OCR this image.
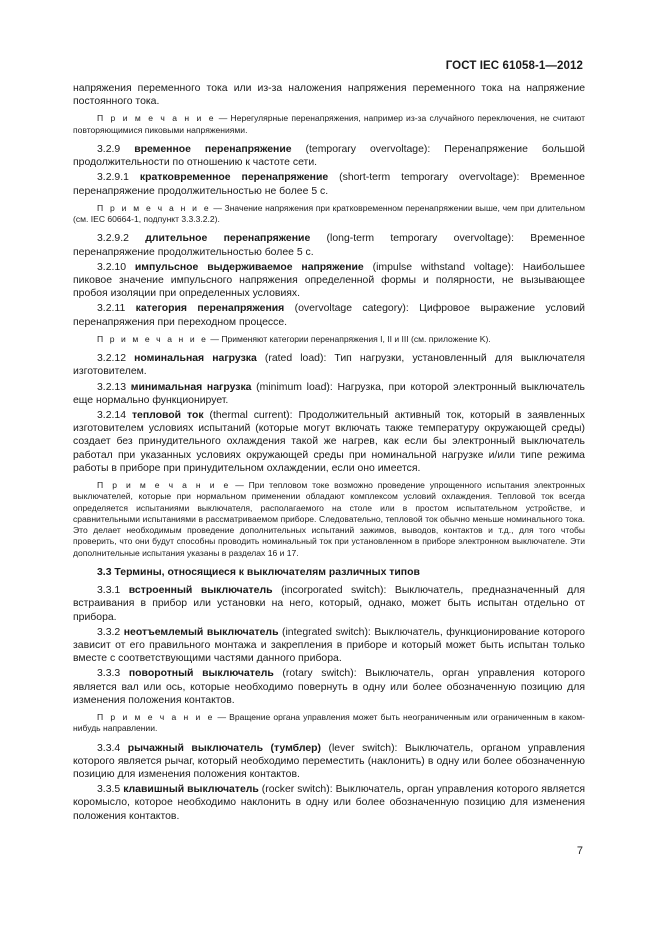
ГОСТ IEC 61058-1—2012

напряжения переменного тока или из-за наложения напряжения переменного тока на напряжение постоянного тока.

П р и м е ч а н и е — Нерегулярные перенапряжения, например из-за случайного переключения, не считают повторяющимися пиковыми напряжениями.

3.2.9 временное перенапряжение (temporary overvoltage): Перенапряжение большой продолжительности по отношению к частоте сети.

3.2.9.1 кратковременное перенапряжение (short-term temporary overvoltage): Временное перенапряжение продолжительностью не более 5 с.

П р и м е ч а н и е — Значение напряжения при кратковременном перенапряжении выше, чем при длительном (см. IEC 60664-1, подпункт 3.3.3.2.2).

3.2.9.2 длительное перенапряжение (long-term temporary overvoltage): Временное перенапряжение продолжительностью более 5 с.

3.2.10 импульсное выдерживаемое напряжение (impulse withstand voltage): Наибольшее пиковое значение импульсного напряжения определенной формы и полярности, не вызывающее пробоя изоляции при определенных условиях.

3.2.11 категория перенапряжения (overvoltage category): Цифровое выражение условий перенапряжения при переходном процессе.

П р и м е ч а н и е — Применяют категории перенапряжения I, II и III (см. приложение K).

3.2.12 номинальная нагрузка (rated load): Тип нагрузки, установленный для выключателя изготовителем.

3.2.13 минимальная нагрузка (minimum load): Нагрузка, при которой электронный выключатель еще нормально функционирует.

3.2.14 тепловой ток (thermal current): Продолжительный активный ток, который в заявленных изготовителем условиях испытаний (которые могут включать также температуру окружающей среды) создает без принудительного охлаждения такой же нагрев, как если бы электронный выключатель работал при указанных условиях окружающей среды при номинальной нагрузке и/или типе режима работы в приборе при принудительном охлаждении, если оно имеется.

П р и м е ч а н и е — При тепловом токе возможно проведение упрощенного испытания электронных выключателей, которые при нормальном применении обладают комплексом условий охлаждения. Тепловой ток всегда определяется испытаниями выключателя, располагаемого на столе или в простом испытательном устройстве, и сравнительными испытаниями в рассматриваемом приборе. Следовательно, тепловой ток обычно меньше номинального тока. Это делает необходимым проведение дополнительных испытаний зажимов, выводов, контактов и т.д., для того чтобы проверить, что они будут способны проводить номинальный ток при установленном в приборе электронном выключателе. Эти дополнительные испытания указаны в разделах 16 и 17.

3.3 Термины, относящиеся к выключателям различных типов

3.3.1 встроенный выключатель (incorporated switch): Выключатель, предназначенный для встраивания в прибор или установки на него, который, однако, может быть испытан отдельно от прибора.

3.3.2 неотъемлемый выключатель (integrated switch): Выключатель, функционирование которого зависит от его правильного монтажа и закрепления в приборе и который может быть испытан только вместе с соответствующими частями данного прибора.

3.3.3 поворотный выключатель (rotary switch): Выключатель, орган управления которого является вал или ось, которые необходимо повернуть в одну или более обозначенную позицию для изменения положения контактов.

П р и м е ч а н и е — Вращение органа управления может быть неограниченным или ограниченным в каком-нибудь направлении.

3.3.4 рычажный выключатель (тумблер) (lever switch): Выключатель, органом управления которого является рычаг, который необходимо переместить (наклонить) в одну или более обозначенную позицию для изменения положения контактов.

3.3.5 клавишный выключатель (rocker switch): Выключатель, орган управления которого является коромысло, которое необходимо наклонить в одну или более обозначенную позицию для изменения положения контактов.

7
